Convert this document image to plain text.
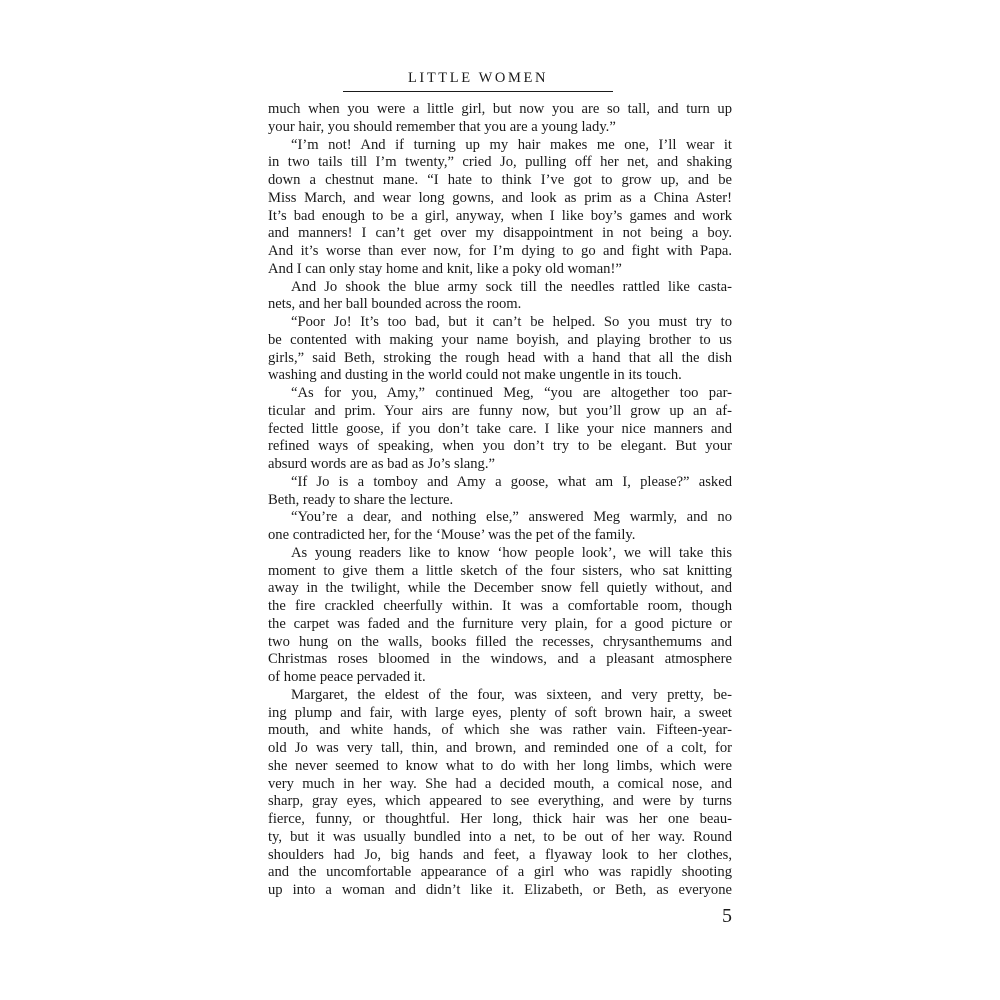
LITTLE WOMEN
much when you were a little girl, but now you are so tall, and turn up
your hair, you should remember that you are a young lady.”
“I’m not! And if turning up my hair makes me one, I’ll wear it
in two tails till I’m twenty,” cried Jo, pulling off her net, and shaking
down a chestnut mane. “I hate to think I’ve got to grow up, and be
Miss March, and wear long gowns, and look as prim as a China Aster!
It’s bad enough to be a girl, anyway, when I like boy’s games and work
and manners! I can’t get over my disappointment in not being a boy.
And it’s worse than ever now, for I’m dying to go and fight with Papa.
And I can only stay home and knit, like a poky old woman!”
And Jo shook the blue army sock till the needles rattled like casta-
nets, and her ball bounded across the room.
“Poor Jo! It’s too bad, but it can’t be helped. So you must try to
be contented with making your name boyish, and playing brother to us
girls,” said Beth, stroking the rough head with a hand that all the dish
washing and dusting in the world could not make ungentle in its touch.
“As for you, Amy,” continued Meg, “you are altogether too par-
ticular and prim. Your airs are funny now, but you’ll grow up an af-
fected little goose, if you don’t take care. I like your nice manners and
refined ways of speaking, when you don’t try to be elegant. But your
absurd words are as bad as Jo’s slang.”
“If Jo is a tomboy and Amy a goose, what am I, please?” asked
Beth, ready to share the lecture.
“You’re a dear, and nothing else,” answered Meg warmly, and no
one contradicted her, for the ‘Mouse’ was the pet of the family.
As young readers like to know ‘how people look’, we will take this
moment to give them a little sketch of the four sisters, who sat knitting
away in the twilight, while the December snow fell quietly without, and
the fire crackled cheerfully within. It was a comfortable room, though
the carpet was faded and the furniture very plain, for a good picture or
two hung on the walls, books filled the recesses, chrysanthemums and
Christmas roses bloomed in the windows, and a pleasant atmosphere
of home peace pervaded it.
Margaret, the eldest of the four, was sixteen, and very pretty, be-
ing plump and fair, with large eyes, plenty of soft brown hair, a sweet
mouth, and white hands, of which she was rather vain. Fifteen-year-
old Jo was very tall, thin, and brown, and reminded one of a colt, for
she never seemed to know what to do with her long limbs, which were
very much in her way. She had a decided mouth, a comical nose, and
sharp, gray eyes, which appeared to see everything, and were by turns
fierce, funny, or thoughtful. Her long, thick hair was her one beau-
ty, but it was usually bundled into a net, to be out of her way. Round
shoulders had Jo, big hands and feet, a flyaway look to her clothes,
and the uncomfortable appearance of a girl who was rapidly shooting
up into a woman and didn’t like it. Elizabeth, or Beth, as everyone
5
